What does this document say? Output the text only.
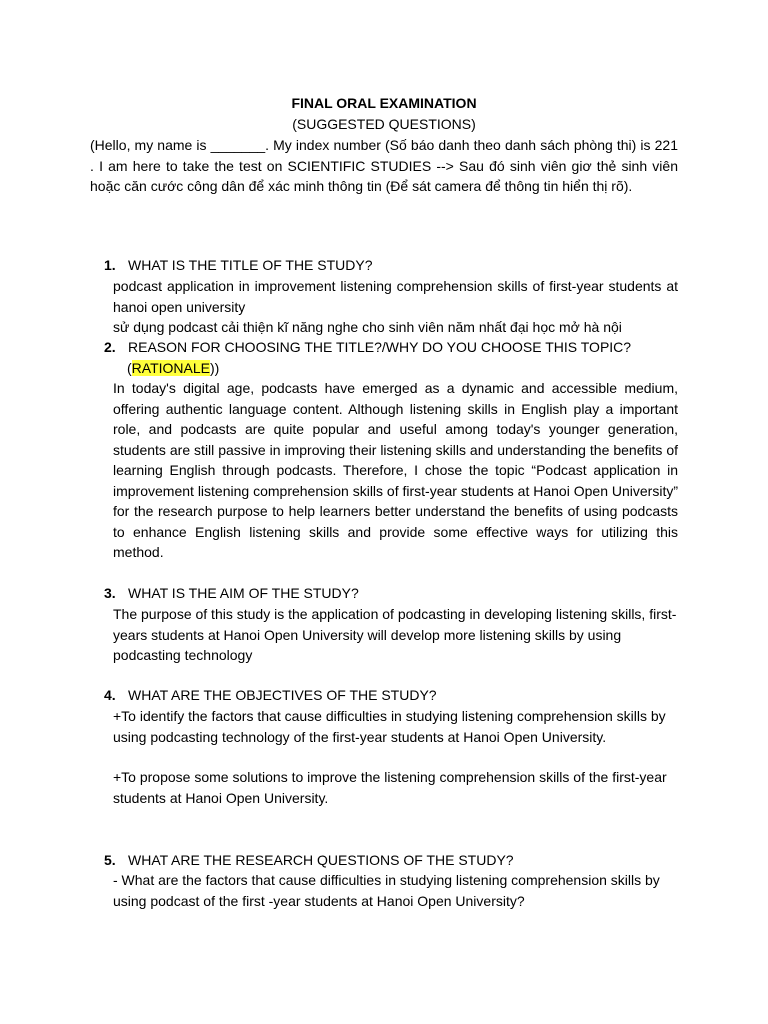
FINAL ORAL EXAMINATION
(SUGGESTED QUESTIONS)
(Hello, my name is _______. My index number (Số báo danh theo danh sách phòng thi) is 221 . I am here to take the test on SCIENTIFIC STUDIES --> Sau đó sinh viên giơ thẻ sinh viên hoặc căn cước công dân để xác minh thông tin (Để sát camera để thông tin hiển thị rõ).
1. WHAT IS THE TITLE OF THE STUDY?
podcast application in improvement listening comprehension skills of first-year students at hanoi open university
sử dụng podcast cải thiện kĩ năng nghe cho sinh viên năm nhất đại học mở hà nội
2. REASON FOR CHOOSING THE TITLE?/WHY DO YOU CHOOSE THIS TOPIC?
(RATIONALE))
In today's digital age, podcasts have emerged as a dynamic and accessible medium, offering authentic language content. Although listening skills in English play a important role, and podcasts are quite popular and useful among today's younger generation, students are still passive in improving their listening skills and understanding the benefits of learning English through podcasts. Therefore, I chose the topic “Podcast application in improvement listening comprehension skills of first-year students at Hanoi Open University” for the research purpose to help learners better understand the benefits of using podcasts to enhance English listening skills and provide some effective ways for utilizing this method.
3. WHAT IS THE AIM OF THE STUDY?
The purpose of this study is the application of podcasting in developing listening skills, first-years students at Hanoi Open University will develop more listening skills by using podcasting technology
4. WHAT ARE THE OBJECTIVES OF THE STUDY?
+To identify the factors that cause difficulties in studying listening comprehension skills by using podcasting technology of the first-year students at Hanoi Open University.
+To propose some solutions to improve the listening comprehension skills of the first-year students at Hanoi Open University.
5. WHAT ARE THE RESEARCH QUESTIONS OF THE STUDY?
- What are the factors that cause difficulties in studying listening comprehension skills by using podcast of the first -year students at Hanoi Open University?
